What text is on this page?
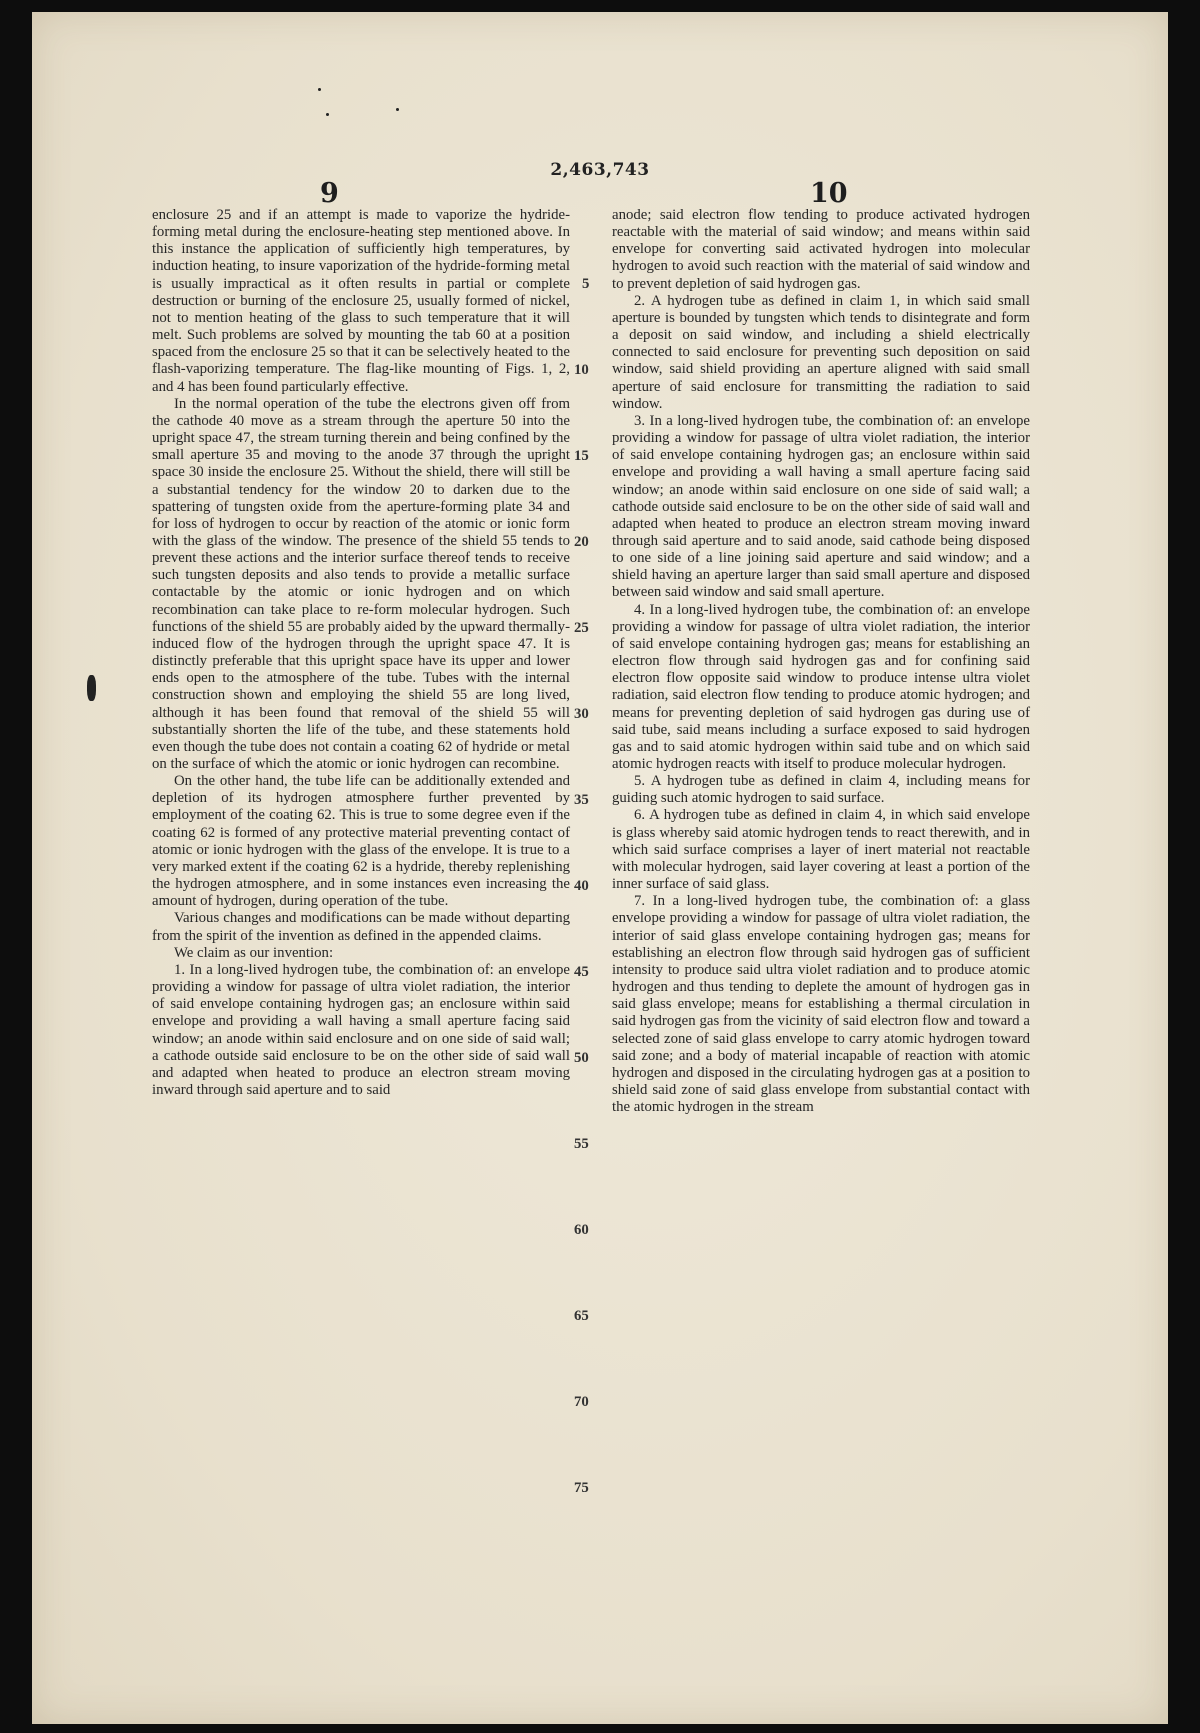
2,463,743
9	10

enclosure 25 and if an attempt is made to vaporize the hydride-forming metal during the enclosure-heating step mentioned above. In this instance the application of sufficiently high temperatures, by induction heating, to insure vaporization of the hydride-forming metal is usually impractical as it often results in partial or complete destruction or burning of the enclosure 25, usually formed of nickel, not to mention heating of the glass to such temperature that it will melt. Such problems are solved by mounting the tab 60 at a position spaced from the enclosure 25 so that it can be selectively heated to the flash-vaporizing temperature. The flag-like mounting of Figs. 1, 2, and 4 has been found particularly effective.

In the normal operation of the tube the electrons given off from the cathode 40 move as a stream through the aperture 50 into the upright space 47, the stream turning therein and being confined by the small aperture 35 and moving to the anode 37 through the upright space 30 inside the enclosure 25. Without the shield, there will still be a substantial tendency for the window 20 to darken due to the spattering of tungsten oxide from the aperture-forming plate 34 and for loss of hydrogen to occur by reaction of the atomic or ionic form with the glass of the window. The presence of the shield 55 tends to prevent these actions and the interior surface thereof tends to receive such tungsten deposits and also tends to provide a metallic surface contactable by the atomic or ionic hydrogen and on which recombination can take place to re-form molecular hydrogen. Such functions of the shield 55 are probably aided by the upward thermally-induced flow of the hydrogen through the upright space 47. It is distinctly preferable that this upright space have its upper and lower ends open to the atmosphere of the tube. Tubes with the internal construction shown and employing the shield 55 are long lived, although it has been found that removal of the shield 55 will substantially shorten the life of the tube, and these statements hold even though the tube does not contain a coating 62 of hydride or metal on the surface of which the atomic or ionic hydrogen can recombine.

On the other hand, the tube life can be additionally extended and depletion of its hydrogen atmosphere further prevented by employment of the coating 62. This is true to some degree even if the coating 62 is formed of any protective material preventing contact of atomic or ionic hydrogen with the glass of the envelope. It is true to a very marked extent if the coating 62 is a hydride, thereby replenishing the hydrogen atmosphere, and in some instances even increasing the amount of hydrogen, during operation of the tube.

Various changes and modifications can be made without departing from the spirit of the invention as defined in the appended claims.

We claim as our invention:

1. In a long-lived hydrogen tube, the combination of: an envelope providing a window for passage of ultra violet radiation, the interior of said envelope containing hydrogen gas; an enclosure within said envelope and providing a wall having a small aperture facing said window; an anode within said enclosure and on one side of said wall; a cathode outside said enclosure to be on the other side of said wall and adapted when heated to produce an electron stream moving inward through said aperture and to said

5
10
15
20
25
30
35
40
45
50
55
60
65
70
75

anode; said electron flow tending to produce activated hydrogen reactable with the material of said window; and means within said envelope for converting said activated hydrogen into molecular hydrogen to avoid such reaction with the material of said window and to prevent depletion of said hydrogen gas.

2. A hydrogen tube as defined in claim 1, in which said small aperture is bounded by tungsten which tends to disintegrate and form a deposit on said window, and including a shield electrically connected to said enclosure for preventing such deposition on said window, said shield providing an aperture aligned with said small aperture of said enclosure for transmitting the radiation to said window.

3. In a long-lived hydrogen tube, the combination of: an envelope providing a window for passage of ultra violet radiation, the interior of said envelope containing hydrogen gas; an enclosure within said envelope and providing a wall having a small aperture facing said window; an anode within said enclosure on one side of said wall; a cathode outside said enclosure to be on the other side of said wall and adapted when heated to produce an electron stream moving inward through said aperture and to said anode, said cathode being disposed to one side of a line joining said aperture and said window; and a shield having an aperture larger than said small aperture and disposed between said window and said small aperture.

4. In a long-lived hydrogen tube, the combination of: an envelope providing a window for passage of ultra violet radiation, the interior of said envelope containing hydrogen gas; means for establishing an electron flow through said hydrogen gas and for confining said electron flow opposite said window to produce intense ultra violet radiation, said electron flow tending to produce atomic hydrogen; and means for preventing depletion of said hydrogen gas during use of said tube, said means including a surface exposed to said hydrogen gas and to said atomic hydrogen within said tube and on which said atomic hydrogen reacts with itself to produce molecular hydrogen.

5. A hydrogen tube as defined in claim 4, including means for guiding such atomic hydrogen to said surface.

6. A hydrogen tube as defined in claim 4, in which said envelope is glass whereby said atomic hydrogen tends to react therewith, and in which said surface comprises a layer of inert material not reactable with molecular hydrogen, said layer covering at least a portion of the inner surface of said glass.

7. In a long-lived hydrogen tube, the combination of: a glass envelope providing a window for passage of ultra violet radiation, the interior of said glass envelope containing hydrogen gas; means for establishing an electron flow through said hydrogen gas of sufficient intensity to produce said ultra violet radiation and to produce atomic hydrogen and thus tending to deplete the amount of hydrogen gas in said glass envelope; means for establishing a thermal circulation in said hydrogen gas from the vicinity of said electron flow and toward a selected zone of said glass envelope to carry atomic hydrogen toward said zone; and a body of material incapable of reaction with atomic hydrogen and disposed in the circulating hydrogen gas at a position to shield said zone of said glass envelope from substantial contact with the atomic hydrogen in the stream
